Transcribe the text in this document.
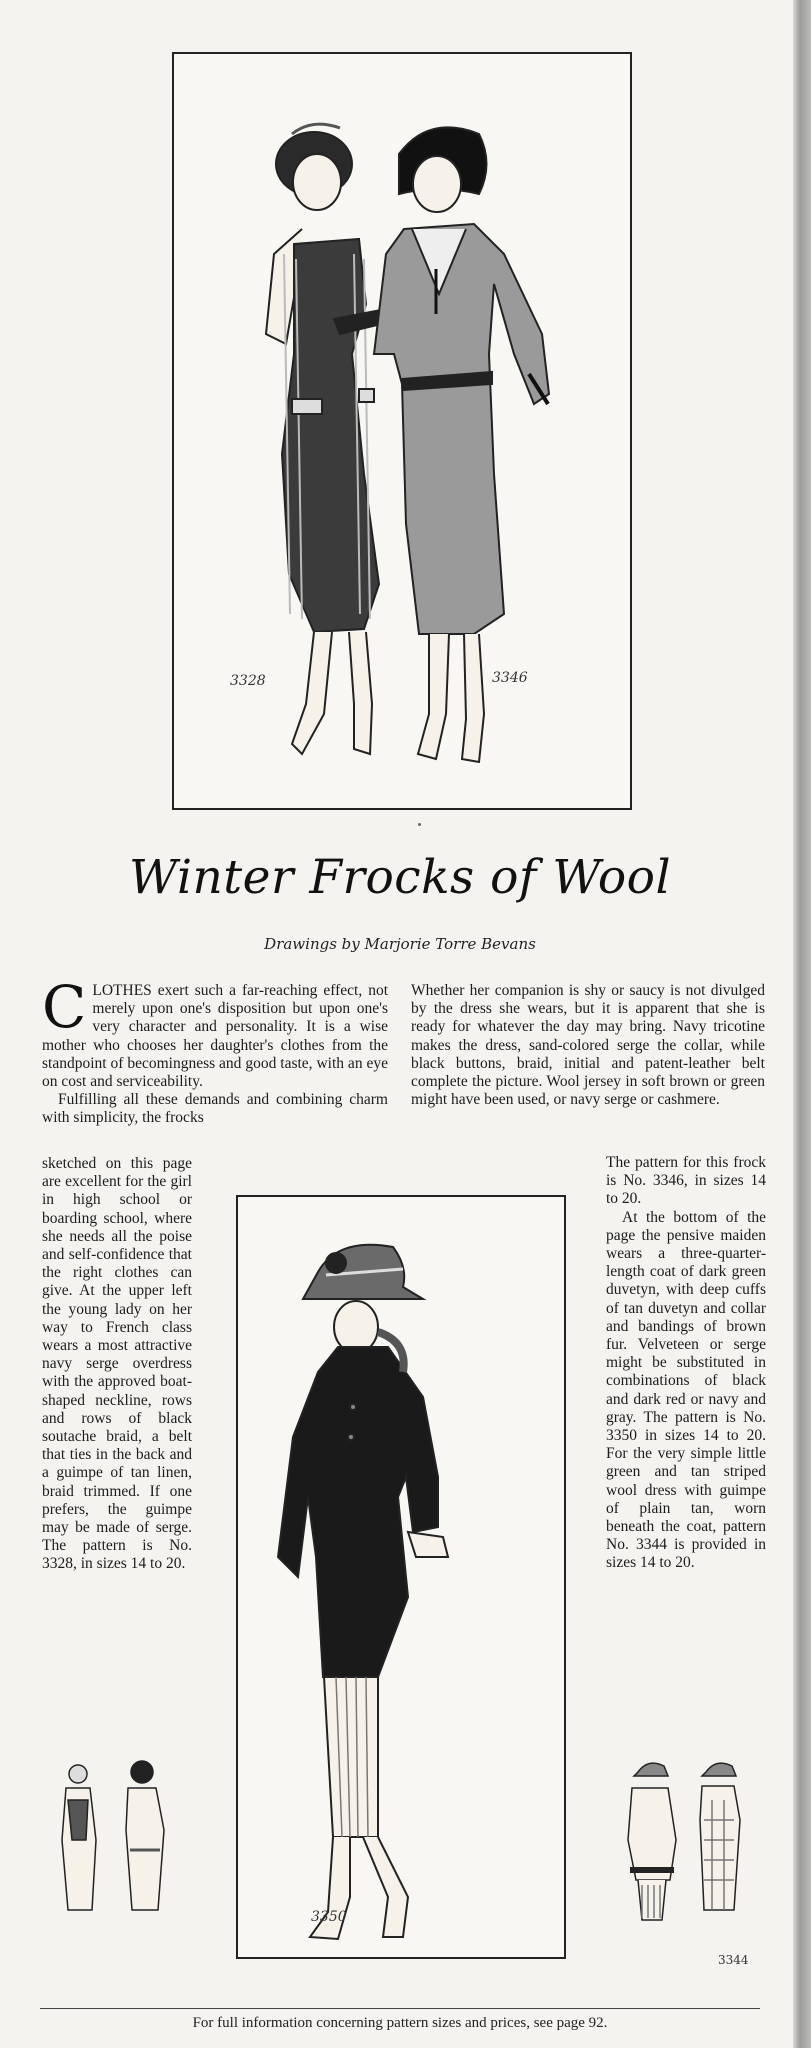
3328	3346
Winter Frocks of Wool
Drawings by Marjorie Torre Bevans

CLOTHES exert such a far-reaching effect, not merely upon one's disposition but upon one's very character and personality. It is a wise mother who chooses her daughter's clothes from the standpoint of becomingness and good taste, with an eye on cost and serviceability.

Fulfilling all these demands and combining charm with simplicity, the frocks

sketched on this page are excellent for the girl in high school or boarding school, where she needs all the poise and self-confidence that the right clothes can give. At the upper left the young lady on her way to French class wears a most attractive navy serge overdress with the approved boat-shaped neckline, rows and rows of black soutache braid, a belt that ties in the back and a guimpe of tan linen, braid trimmed. If one prefers, the guimpe may be made of serge. The pattern is No. 3328, in sizes 14 to 20.

Whether her companion is shy or saucy is not divulged by the dress she wears, but it is apparent that she is ready for whatever the day may bring. Navy tricotine makes the dress, sand-colored serge the collar, while black buttons, braid, initial and patent-leather belt complete the picture. Wool jersey in soft brown or green might have been used, or navy serge or cashmere.

The pattern for this frock is No. 3346, in sizes 14 to 20.

At the bottom of the page the pensive maiden wears a three-quarter-length coat of dark green duvetyn, with deep cuffs of tan duvetyn and collar and bandings of brown fur. Velveteen or serge might be substituted in combinations of black and dark red or navy and gray. The pattern is No. 3350 in sizes 14 to 20. For the very simple little green and tan striped wool dress with guimpe of plain tan, worn beneath the coat, pattern No. 3344 is provided in sizes 14 to 20.

3350
3344
For full information concerning pattern sizes and prices, see page 92.
